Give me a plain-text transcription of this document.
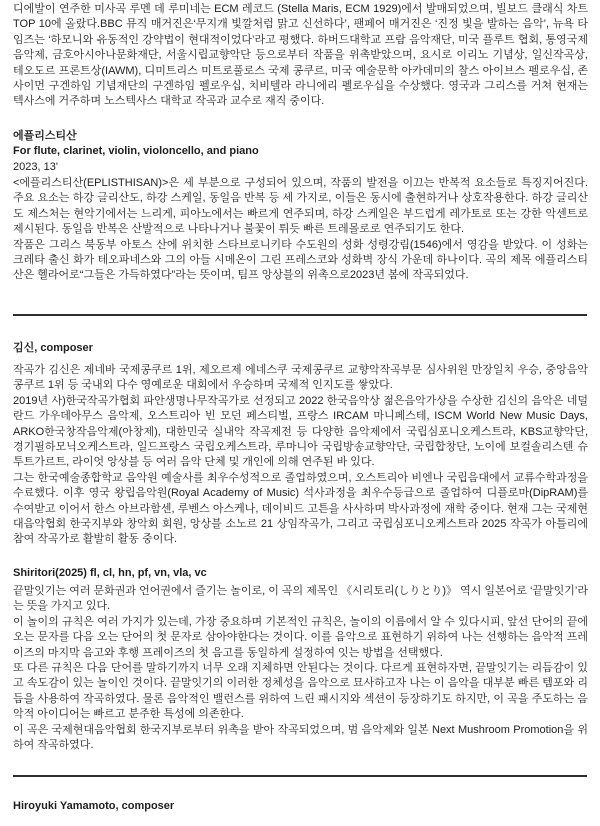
디에발이 연주한 미사곡 루멘 데 루미네는 ECM 레코드 (Stella Maris, ECM 1929)에서 발매되었으며, 빌보드 클래식 차트 TOP 10에 올랐다.BBC 뮤직 매거진은‘무지개 빛깔처럼 맑고 신선하다’, 팬페어 매거진은 ‘진정 빛을 발하는 음악’, 뉴욕 타임즈는 ‘하모니와 유동적인 강약법이 현대적이었다’라고 평했다. 하버드대학교 프람 음악재단, 미국 플루트 협회, 통영국제음악제, 금호아시아나문화재단, 서울시립교향악단 등으로부터 작품을 위촉받았으며, 요시로 이리노 기념상, 일신작곡상, 테오도르 프론트상(IAWM), 디미트리스 미트로풀로스 국제 콩쿠르, 미국 예술문학 아카데미의 찰스 아이브스 펠로우십, 존 사이먼 구겐하임 기념재단의 구겐하임 펠로우십, 치비텔라 라니에리 펠로우십을 수상했다. 영국과 그리스를 거쳐 현재는 텍사스에 거주하며 노스텍사스 대학교 작곡과 교수로 재직 중이다.

에플리스티산
For flute, clarinet, violin, violoncello, and piano
2023, 13'

<에플리스티산(EPLISTHISAN)>은 세 부분으로 구성되어 있으며, 작품의 발전을 이끄는 반복적 요소들로 특징지어진다. 주요 요소는 하강 글리산도, 하강 스케일, 동일음 반복 등 세 가지로, 이들은 동시에 출현하거나 상호작용한다. 하강 글리산도 제스처는 현악기에서는 느리게, 피아노에서는 빠르게 연주되며, 하강 스케일은 부드럽게 레가토로 또는 강한 악센트로 제시된다. 동일음 반복은 산발적으로 나타나거나 불꽃이 튀듯 빠른 트레몰로로 연주되기도 한다.

작품은 그리스 북동부 아토스 산에 위치한 스타브로니키타 수도원의 성화 성령강림(1546)에서 영감을 받았다. 이 성화는 크레타 출신 화가 테오파네스와 그의 아들 시메온이 그린 프레스코와 성화벽 장식 가운데 하나이다. 곡의 제목 에플리스티산은 헬라어로“그들은 가득하였다”라는 뜻이며, 팀프 앙상블의 위촉으로2023년 봄에 작곡되었다.

김신, composer

작곡가 김신은 제네바 국제콩쿠르 1위, 제오르제 에네스쿠 국제콩쿠르 교향악작곡부문 심사위원 만장일치 우승, 중앙음악콩쿠르 1위 등 국내외 다수 영예로운 대회에서 우승하며 국제적 인지도를 쌓았다.

2019년 사)한국작곡가협회 파안생명나무작곡가로 선정되고 2022 한국음악상 젊은음악가상을 수상한 김신의 음악은 네덜란드 가우데아무스 음악제, 오스트리아 빈 모던 페스티벌, 프랑스 IRCAM 마니페스테, ISCM World New Music Days, ARKO한국창작음악제(아창제), 대한민국 실내악 작곡제전 등 다양한 음악제에서 국립심포니오케스트라, KBS교향악단, 경기필하모닉오케스트라, 일드프랑스 국립오케스트라, 루마니아 국립방송교향악단, 국립합창단, 노이에 보컬솔리스텐 슈투트가르트, 라이엇 앙상블 등 여러 음악 단체 및 개인에 의해 연주된 바 있다.

그는 한국예술종합학교 음악원 예술사를 최우수성적으로 졸업하였으며, 오스트리아 비엔나 국립음대에서 교류수학과정을 수료했다. 이후 영국 왕립음악원(Royal Academy of Music) 석사과정을 최우수등급으로 졸업하여 디플로마(DipRAM)를 수여받고 이어서 한스 아브라함센, 루벤스 아스케나, 데이비드 고튼을 사사하며 박사과정에 재학 중이다. 현재 그는 국제현대음악협회 한국지부와 창악회 회원, 앙상블 소노르 21 상임작곡가, 그리고 국립심포니오케스트라 2025 작곡가 아틀리에 참여 작곡가로 활발히 활동 중이다.

Shiritori(2025) fl, cl, hn, pf, vn, vla, vc

끝말잇기는 여러 문화권과 언어권에서 즐기는 놀이로, 이 곡의 제목인 《시리토리(しりとり)》 역시 일본어로 ‘끝말잇기’라는 뜻을 가지고 있다.

이 놀이의 규칙은 여러 가지가 있는데, 가장 중요하며 기본적인 규칙은, 놀이의 이름에서 알 수 있다시피, 앞선 단어의 끝에 오는 문자를 다음 오는 단어의 첫 문자로 삼아야한다는 것이다. 이를 음악으로 표현하기 위하여 나는 선행하는 음악적 프레이즈의 마지막 음고와 후행 프레이즈의 첫 음고를 동일하게 설정하여 잇는 방법을 선택했다.

또 다른 규칙은 다음 단어를 말하기까지 너무 오래 지체하면 안된다는 것이다. 다르게 표현하자면, 끝말잇기는 리듬감이 있고 속도감이 있는 놀이인 것이다. 끝말잇기의 이러한 정체성을 음악으로 묘사하고자 나는 이 음악을 대부분 빠른 템포와 리듬을 사용하여 작곡하였다. 물론 음악적인 밸런스를 위하여 느린 패시지와 섹션이 등장하기도 하지만, 이 곡을 주도하는 음악적 아이디어는 빠르고 분주한 특성에 의존한다.

이 곡은 국제현대음악협회 한국지부로부터 위촉을 받아 작곡되었으며, 범 음악제와 일본 Next Mushroom Promotion을 위하여 작곡하였다.

Hiroyuki Yamamoto, composer
